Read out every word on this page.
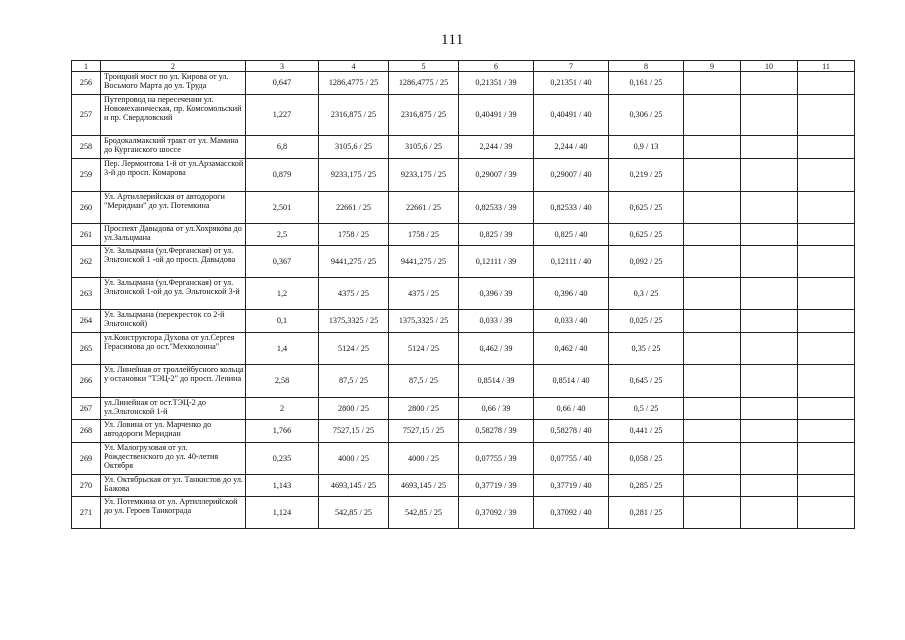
111
1	2	3	4	5	6	7	8	9	10	11
256	Троицкий мост по ул. Кирова от ул. Восьмого Марта до ул. Труда	0,647	1286,4775 / 25	1286,4775 / 25	0,21351 / 39	0,21351 / 40	0,161 / 25			
257	Путепровод на пересечении ул. Новомеханическая, пр. Комсомольский и пр. Свердловский	1,227	2316,875 / 25	2316,875 / 25	0,40491 / 39	0,40491 / 40	0,306 / 25			
258	Бродокалмакский тракт от ул. Мамина до Курганского шоссе	6,8	3105,6 / 25	3105,6 / 25	2,244 / 39	2,244 / 40	0,9 / 13			
259	Пер. Лермонтова 1-й от ул.Арзамасской 3-й до просп. Комарова	0,879	9233,175 / 25	9233,175 / 25	0,29007 / 39	0,29007 / 40	0,219 / 25			
260	Ул. Артиллерийская от автодороги "Меридиан" до ул. Потемкина	2,501	22661 / 25	22661 / 25	0,82533 / 39	0,82533 / 40	0,625 / 25			
261	Проспект Давыдова от ул.Хохрякова до ул.Зальцмана	2,5	1758 / 25	1758 / 25	0,825 / 39	0,825 / 40	0,625 / 25			
262	Ул. Зальцмана (ул.Ферганская) от ул. Эльтонской 1 -ой до просп. Давыдова	0,367	9441,275 / 25	9441,275 / 25	0,12111 / 39	0,12111 / 40	0,092 / 25			
263	Ул. Зальцмана (ул.Ферганская) от ул. Эльтонской 1-ой до ул. Эльтонской 3-й	1,2	4375 / 25	4375 / 25	0,396 / 39	0,396 / 40	0,3 / 25			
264	Ул. Зальцмана (перекресток со 2-й Эльтонской)	0,1	1375,3325 / 25	1375,3325 / 25	0,033 / 39	0,033 / 40	0,025 / 25			
265	ул.Конструктора Духова от ул.Сергея Герасимова до ост."Мехколонна"	1,4	5124 / 25	5124 / 25	0,462 / 39	0,462 / 40	0,35 / 25			
266	Ул. Линейная от троллейбусного кольца у остановки "ТЭЦ-2" до просп. Ленина	2,58	87,5 / 25	87,5 / 25	0,8514 / 39	0,8514 / 40	0,645 / 25			
267	ул.Линейная от ост.ТЭЦ-2 до ул.Эльтонской 1-й	2	2800 / 25	2800 / 25	0,66 / 39	0,66 / 40	0,5 / 25			
268	Ул. Ловина от ул. Марченко до автодороги Меридиан	1,766	7527,15 / 25	7527,15 / 25	0,58278 / 39	0,58278 / 40	0,441 / 25			
269	Ул. Малогрузовая от ул. Рождественского до ул. 40-летия Октября	0,235	4000 / 25	4000 / 25	0,07755 / 39	0,07755 / 40	0,058 / 25			
270	Ул. Октябрьская от ул. Танкистов до ул. Бажова	1,143	4693,145 / 25	4693,145 / 25	0,37719 / 39	0,37719 / 40	0,285 / 25			
271	Ул. Потемкина от ул. Артиллерийской до ул. Героев Танкограда	1,124	542,85 / 25	542,85 / 25	0,37092 / 39	0,37092 / 40	0,281 / 25			
